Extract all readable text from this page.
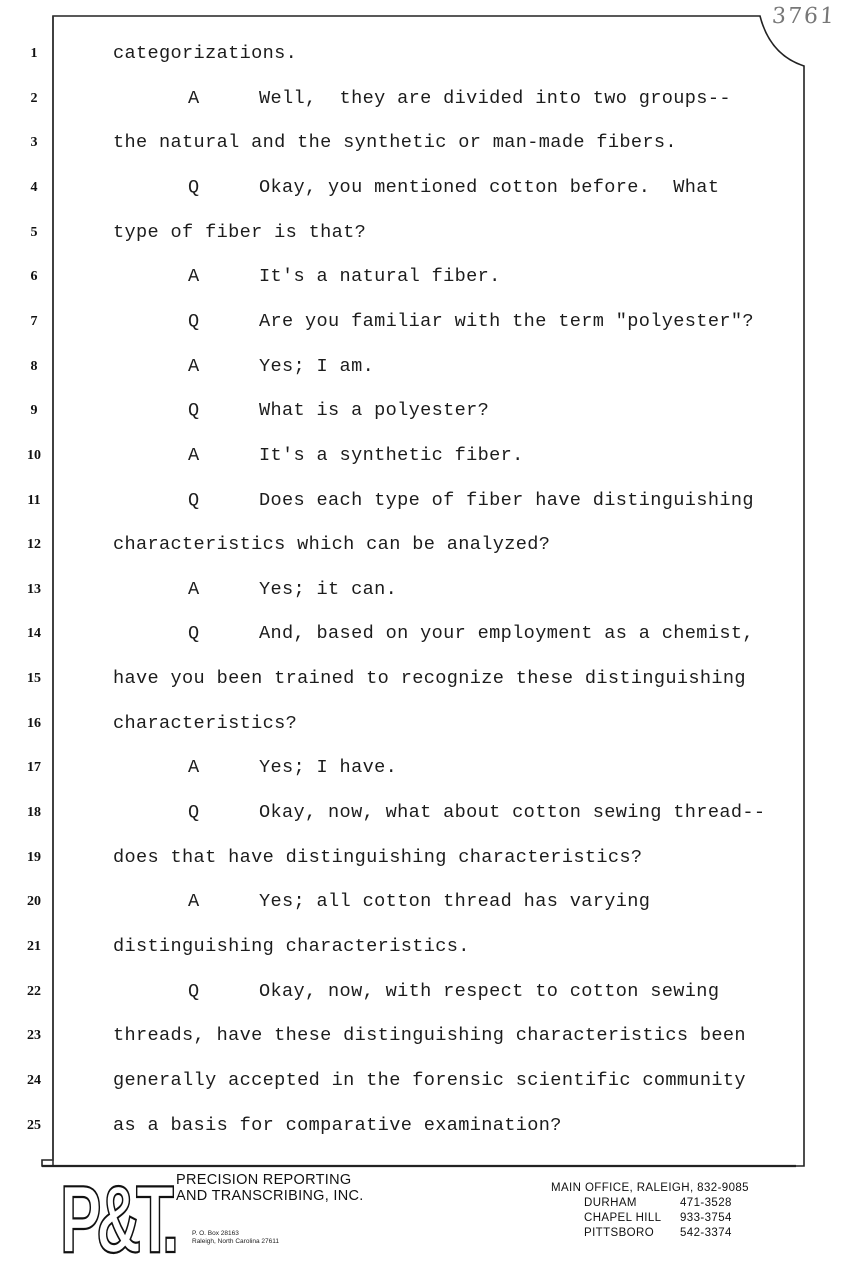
3761
1	categorizations.
2	A	Well,  they are divided into two groups--
3	the natural and the synthetic or man-made fibers.
4	Q	Okay, you mentioned cotton before.  What
5	type of fiber is that?
6	A	It's a natural fiber.
7	Q	Are you familiar with the term "polyester"?
8	A	Yes; I am.
9	Q	What is a polyester?
10	A	It's a synthetic fiber.
11	Q	Does each type of fiber have distinguishing
12	characteristics which can be analyzed?
13	A	Yes; it can.
14	Q	And, based on your employment as a chemist,
15	have you been trained to recognize these distinguishing
16	characteristics?
17	A	Yes; I have.
18	Q	Okay, now, what about cotton sewing thread--
19	does that have distinguishing characteristics?
20	A	Yes; all cotton thread has varying
21	distinguishing characteristics.
22	Q	Okay, now, with respect to cotton sewing
23	threads, have these distinguishing characteristics been
24	generally accepted in the forensic scientific community
25	as a basis for comparative examination?
P&T. PRECISION REPORTING
AND TRANSCRIBING, INC.
P. O. Box 28163
Raleigh, North Carolina 27611
MAIN OFFICE, RALEIGH, 832-9085
DURHAM	471-3528
CHAPEL HILL	933-3754
PITTSBORO	542-3374
